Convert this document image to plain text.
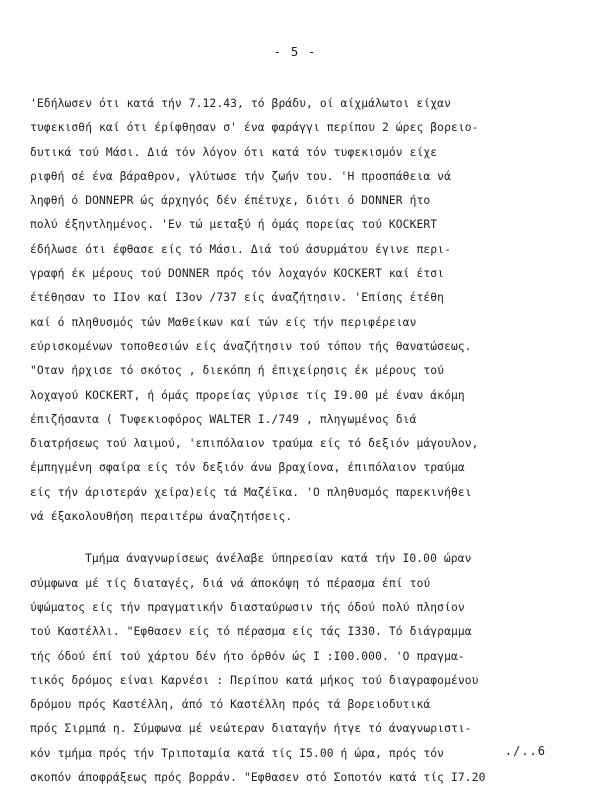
- 5 -
'Εδήλωσεν ότι κατά τήν 7.12.43, τό βράδυ, οί αίχμάλωτοι είχαν
τυφεκισθή καί ότι έρίφθησαν σ' ένα φαράγγι περίπου 2 ώρες βορειο-
δυτικά τού Μάσι. Διά τόν λόγον ότι κατά τόν τυφεκισμόν είχε
ριφθή σέ ένα βάραθρον, γλύτωσε τήν ζωήν του. 'Η προσπάθεια νά
ληφθή ό DONNEPR ώς άρχηγός δέν έπέτυχε, διότι ό DONNER ήτο
πολύ έξηντλημένος. 'Εν τώ μεταξύ ή όμάς πορείας τού KOCKERT
έδήλωσε ότι έφθασε είς τό Μάσι. Διά τού άσυρμάτου έγινε περι-
γραφή έκ μέρους τού DONNER πρός τόν λοχαγόν KOCKERT καί έτσι
έτέθησαν το IIον καί I3ον /737 είς άναζήτησιν. 'Επίσης έτέθη
καί ό πληθυσμός τών Μαθείκων καί τών είς τήν περιφέρειαν
εύρισκομένων τοποθεσιών είς άναζήτησιν τού τόπου τής θανατώσεως.
"Οταν ήρχισε τό σκότος , διεκόπη ή έπιχείρησις έκ μέρους τού
λοχαγού KOCKERT, ή όμάς προρείας γύρισε τίς I9.00 μέ έναν άκόμη
έπιζήσαντα ( Τυφεκιοφόρος WALTER I./749 , πληγωμένος διά
διατρήσεως τού λαιμού, 'επιπόλαιον τραύμα είς τό δεξιόν μάγουλον,
έμπηγμένη σφαίρα είς τόν δεξιόν άνω βραχίονα, έπιπόλαιον τραύμα
είς τήν άριστεράν χείρα)είς τά Μαζέϊκα. 'Ο πληθυσμός παρεκινήθει
νά έξακολουθήση περαιτέρω άναζητήσεις.
Τμήμα άναγνωρίσεως άνέλαβε ύπηρεσίαν κατά τήν I0.00 ώραν
σύμφωνα μέ τίς διαταγές, διά νά άποκόψη τό πέρασμα έπί τού
ύψώματος είς τήν πραγματικήν διασταύρωσιν τής όδού πολύ πλησίον
τού Καστέλλι. "Εφθασεν είς τό πέρασμα είς τάς I330. Τό διάγραμμα
τής όδού έπί τού χάρτου δέν ήτο όρθόν ώς I :I00.000. 'Ο πραγμα-
τικός δρόμος είναι Καρνέσι : Περίπου κατά μήκος τού διαγραφομένου
δρόμου πρός Καστέλλη, άπό τό Καστέλλη πρός τά βορειοδυτικά
πρός Σιρμπά η. Σύμφωνα μέ νεώτεραν διαταγήν ήτγε τό άναγνωριστι-
κόν τμήμα πρός τήν Τριποταμία κατά τίς I5.00 ή ώρα, πρός τόν
σκοπόν άποφράξεως πρός βορράν. "Εφθασεν στό Σοποτόν κατά τίς I7.20
./..6
